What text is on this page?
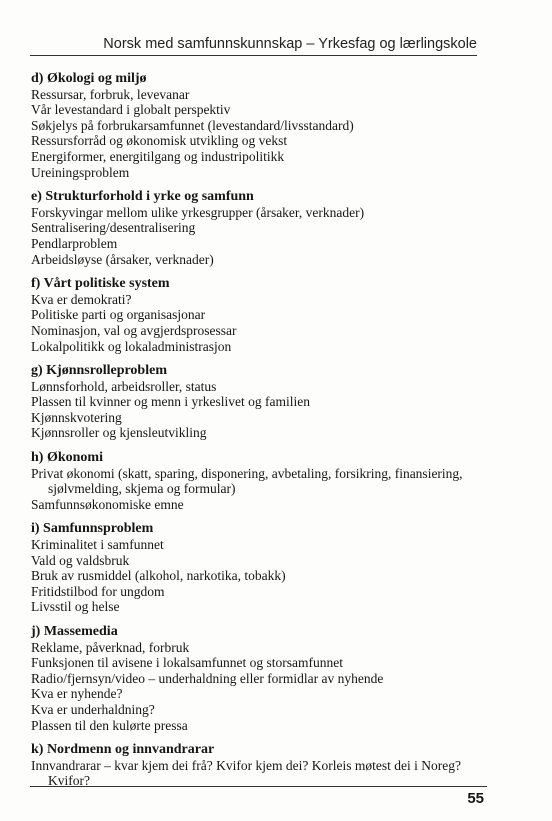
Norsk med samfunnskunnskap – Yrkesfag og lærlingskole
d) Økologi og miljø
Ressursar, forbruk, levevanar
Vår levestandard i globalt perspektiv
Søkjelys på forbrukarsamfunnet (levestandard/livsstandard)
Ressursforråd og økonomisk utvikling og vekst
Energiformer, energitilgang og industripolitikk
Ureiningsproblem
e) Strukturforhold i yrke og samfunn
Forskyvingar mellom ulike yrkesgrupper (årsaker, verknader)
Sentralisering/desentralisering
Pendlarproblem
Arbeidsløyse (årsaker, verknader)
f) Vårt politiske system
Kva er demokrati?
Politiske parti og organisasjonar
Nominasjon, val og avgjerdsprosessar
Lokalpolitikk og lokaladministrasjon
g) Kjønnsrolleproblem
Lønnsforhold, arbeidsroller, status
Plassen til kvinner og menn i yrkeslivet og familien
Kjønnskvotering
Kjønnsroller og kjensleutvikling
h) Økonomi
Privat økonomi (skatt, sparing, disponering, avbetaling, forsikring, finansiering, sjølvmelding, skjema og formular)
Samfunnsøkonomiske emne
i) Samfunnsproblem
Kriminalitet i samfunnet
Vald og valdsbruk
Bruk av rusmiddel (alkohol, narkotika, tobakk)
Fritidstilbod for ungdom
Livsstil og helse
j) Massemedia
Reklame, påverknad, forbruk
Funksjonen til avisene i lokalsamfunnet og storsamfunnet
Radio/fjernsyn/video – underhaldning eller formidlar av nyhende
Kva er nyhende?
Kva er underhaldning?
Plassen til den kulørte pressa
k) Nordmenn og innvandrarar
Innvandrarar – kvar kjem dei frå? Kvifor kjem dei? Korleis møtest dei i Noreg? Kvifor?
55
